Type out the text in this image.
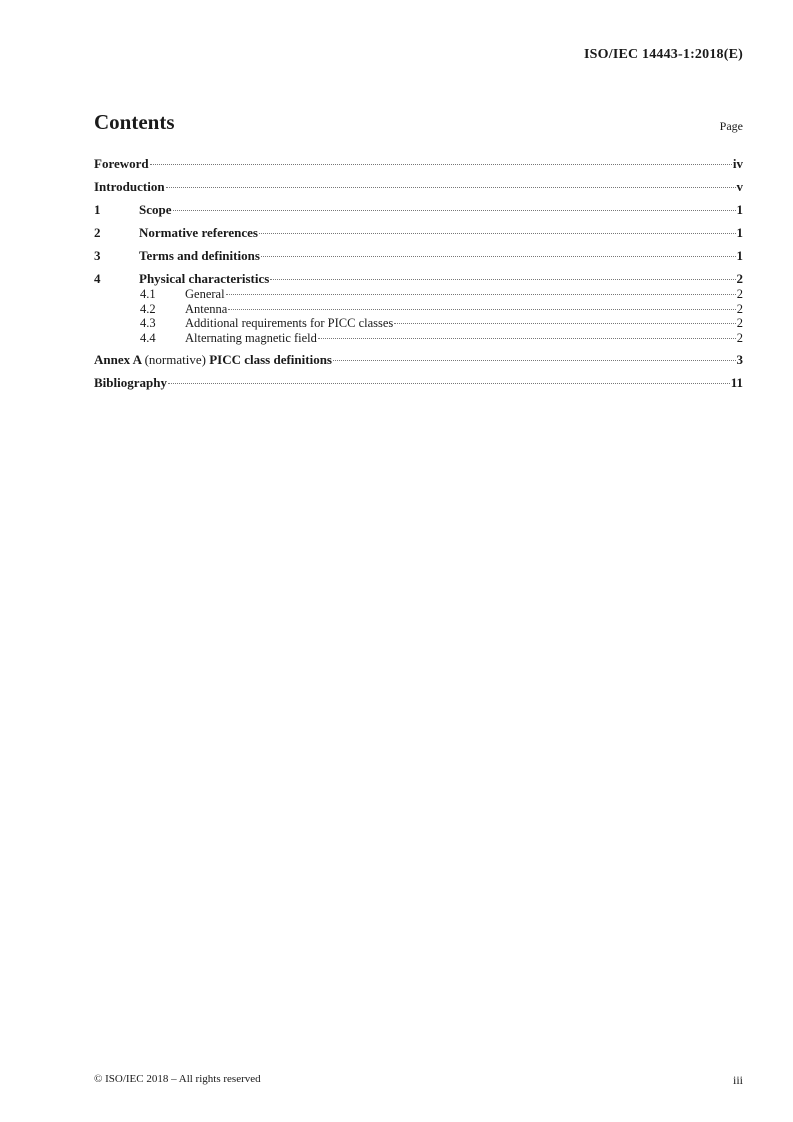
ISO/IEC 14443-1:2018(E)
Contents	Page
Foreword	iv
Introduction	v
1	Scope	1
2	Normative references	1
3	Terms and definitions	1
4	Physical characteristics	2
4.1	General	2
4.2	Antenna	2
4.3	Additional requirements for PICC classes	2
4.4	Alternating magnetic field	2
Annex A (normative) PICC class definitions	3
Bibliography	11
© ISO/IEC 2018 – All rights reserved	iii
